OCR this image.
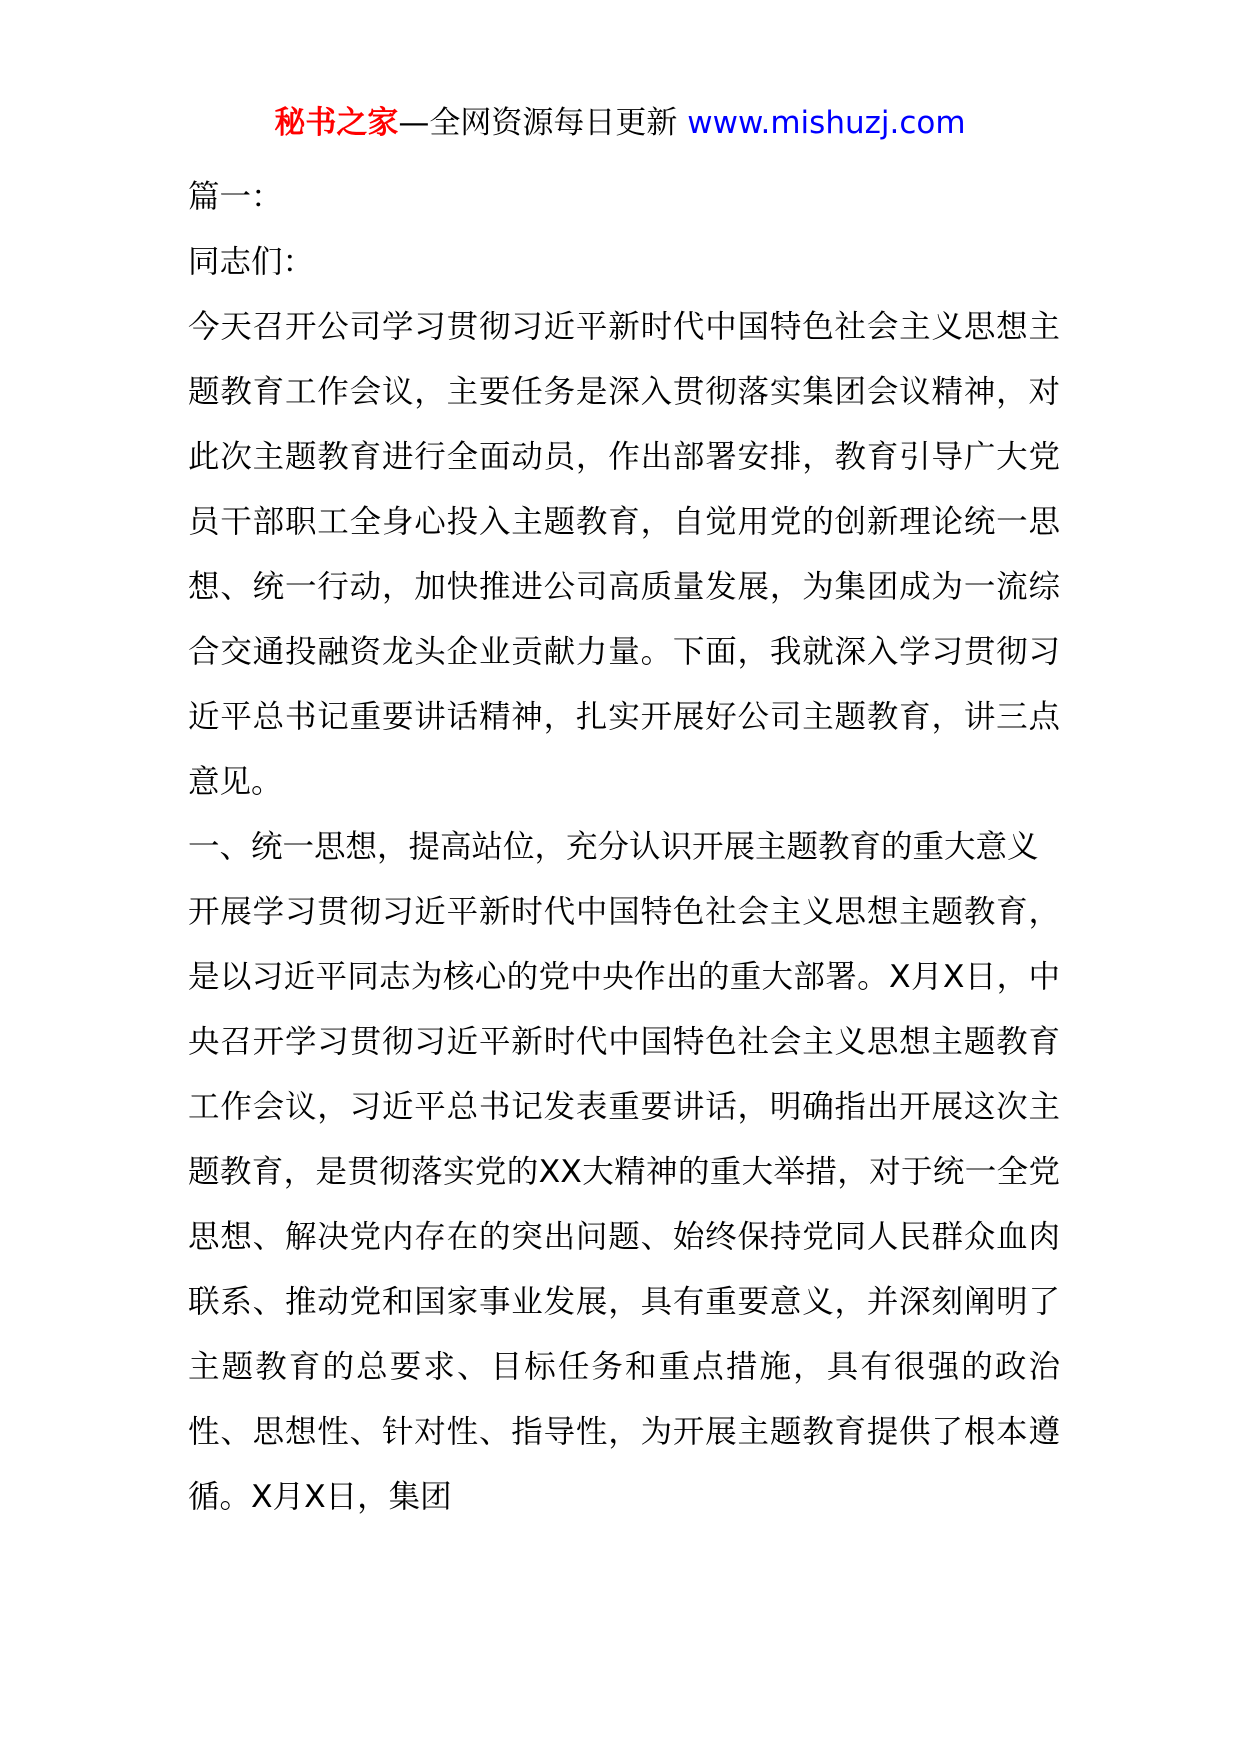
秘书之家—全网资源每日更新 www.mishuzj.com

篇一：

同志们：

今天召开公司学习贯彻习近平新时代中国特色社会主义思想主题教育工作会议，主要任务是深入贯彻落实集团会议精神，对此次主题教育进行全面动员，作出部署安排，教育引导广大党员干部职工全身心投入主题教育，自觉用党的创新理论统一思想、统一行动，加快推进公司高质量发展，为集团成为一流综合交通投融资龙头企业贡献力量。下面，我就深入学习贯彻习近平总书记重要讲话精神，扎实开展好公司主题教育，讲三点意见。

一、统一思想，提高站位，充分认识开展主题教育的重大意义

开展学习贯彻习近平新时代中国特色社会主义思想主题教育，是以习近平同志为核心的党中央作出的重大部署。X月X日，中央召开学习贯彻习近平新时代中国特色社会主义思想主题教育工作会议，习近平总书记发表重要讲话，明确指出开展这次主题教育，是贯彻落实党的XX大精神的重大举措，对于统一全党思想、解决党内存在的突出问题、始终保持党同人民群众血肉联系、推动党和国家事业发展，具有重要意义，并深刻阐明了主题教育的总要求、目标任务和重点措施，具有很强的政治性、思想性、针对性、指导性，为开展主题教育提供了根本遵循。X月X日，集团
